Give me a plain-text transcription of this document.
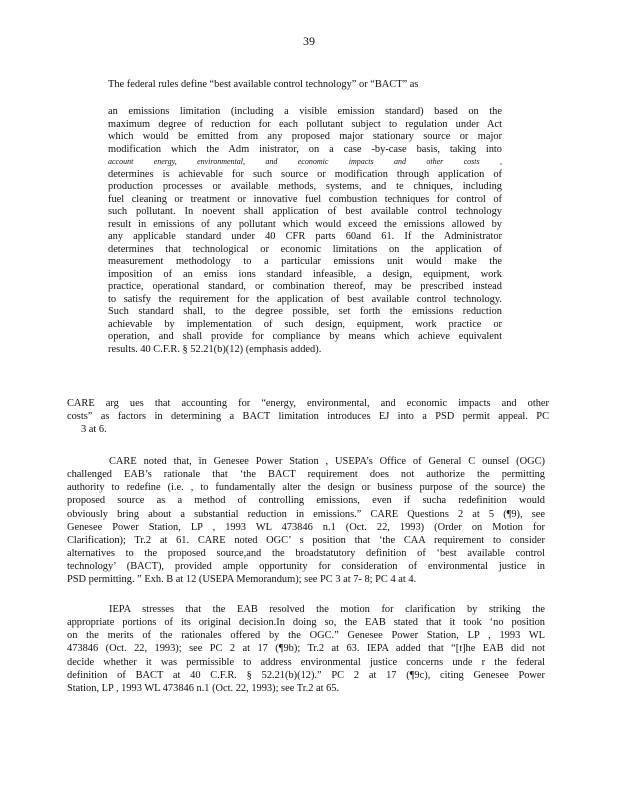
39
The federal rules define “best available control technology” or “BACT” as
an emissions limitation (including a visible emission standard) based on the
maximum degree of reduction for each pollutant subject to regulation under Act
which would be emitted from any proposed major stationary source or major
modification which the Adm inistrator, on a case -by-case basis, taking into
account energy, environmental, and economic impacts and other costs ,
determines is achievable for such source or modification through application of
production processes or available methods, systems, and te chniques, including
fuel cleaning or treatment or innovative fuel combustion techniques for control of
such pollutant. In noevent shall application of best available control technology
result in emissions of any pollutant which would exceed the emissions allowed by
any applicable standard under 40 CFR parts 60and 61. If the Administrator
determines that technological or economic limitations on the application of
measurement methodology to a particular emissions unit would make the
imposition of an emiss ions standard infeasible, a design, equipment, work
practice, operational standard, or combination thereof, may be prescribed instead
to satisfy the requirement for the application of best available control technology.
Such standard shall, to the degree possible, set forth the emissions reduction
achievable by implementation of such design, equipment, work practice or
operation, and shall provide for compliance by means which achieve equivalent
results. 40 C.F.R. § 52.21(b)(12) (emphasis added).
CARE arg ues that accounting for “energy, environmental, and economic impacts and other
costs” as factors in determining a BACT limitation introduces EJ into a PSD permit appeal. PC
3 at 6.
CARE noted that, in Genesee Power Station , USEPA’s Office of General C ounsel (OGC)
challenged EAB’s rationale that ‘the BACT requirement does not authorize the permitting
authority to redefine (i.e. , to fundamentally alter the design or business purpose of the source) the
proposed source as a method of controlling emissions, even if sucha redefinition would
obviously bring about a substantial reduction in emissions.” CARE Questions 2 at 5 (¶9), see
Genesee Power Station, LP , 1993 WL 473846 n.1 (Oct. 22, 1993) (Order on Motion for
Clarification); Tr.2 at 61. CARE noted OGC’ s position that ‘the CAA requirement to consider
alternatives to the proposed source,and the broadstatutory definition of ‘best available control
technology’ (BACT), provided ample opportunity for consideration of environmental justice in
PSD permitting. ” Exh. B at 12 (USEPA Memorandum); see PC 3 at 7- 8; PC 4 at 4.
IEPA stresses that the EAB resolved the motion for clarification by striking the
appropriate portions of its original decision.In doing so, the EAB stated that it took ‘no position
on the merits of the rationales offered by the OGC.” Genesee Power Station, LP , 1993 WL
473846 (Oct. 22, 1993); see PC 2 at 17 (¶9b); Tr.2 at 63. IEPA added that “[t]he EAB did not
decide whether it was permissible to address environmental justice concerns unde r the federal
definition of BACT at 40 C.F.R. § 52.21(b)(12).” PC 2 at 17 (¶9c), citing Genesee Power
Station, LP , 1993 WL 473846 n.1 (Oct. 22, 1993); see Tr.2 at 65.
